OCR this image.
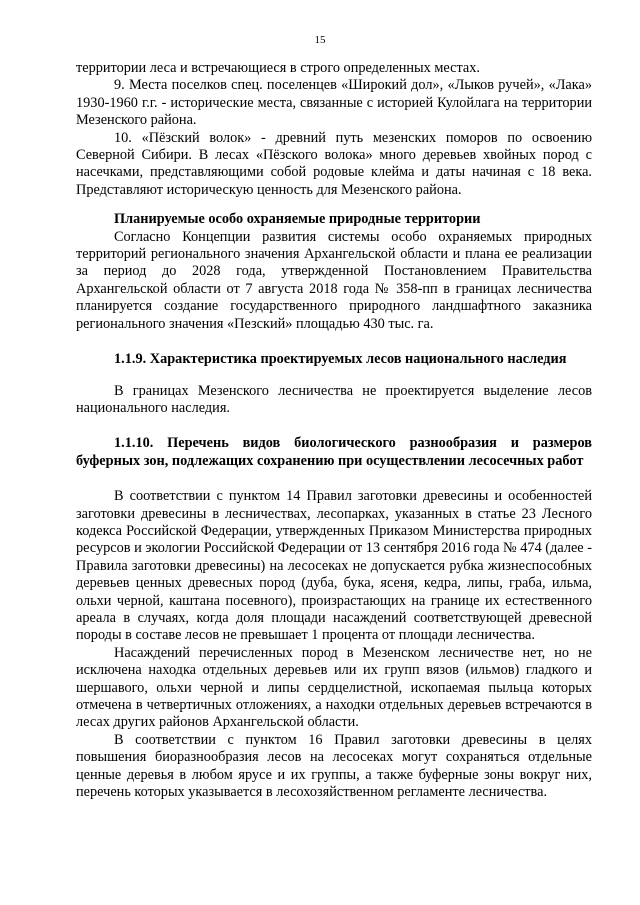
15

территории леса и встречающиеся в строго определенных местах.

9. Места поселков спец. поселенцев «Широкий дол», «Лыков ручей», «Лака» 1930-1960 г.г. - исторические места, связанные с историей Кулойлага на территории Мезенского района.

10. «Пёзский волок» - древний путь мезенских поморов по освоению Северной Сибири. В лесах «Пёзского волока» много деревьев хвойных пород с насечками, представляющими собой родовые клейма и даты начиная с 18 века. Представляют историческую ценность для Мезенского района.

Планируемые особо охраняемые природные территории

Согласно Концепции развития системы особо охраняемых природных территорий регионального значения Архангельской области и плана ее реализации за период до 2028 года, утвержденной Постановлением Правительства Архангельской области от 7 августа 2018 года № 358-пп в границах лесничества планируется создание государственного природного ландшафтного заказника регионального значения «Пезский» площадью 430 тыс. га.

1.1.9. Характеристика проектируемых лесов национального наследия

В границах Мезенского лесничества не проектируется выделение лесов национального наследия.

1.1.10. Перечень видов биологического разнообразия и размеров буферных зон, подлежащих сохранению при осуществлении лесосечных работ

В соответствии с пунктом 14 Правил заготовки древесины и особенностей заготовки древесины в лесничествах, лесопарках, указанных в статье 23 Лесного кодекса Российской Федерации, утвержденных Приказом Министерства природных ресурсов и экологии Российской Федерации от 13 сентября 2016 года № 474 (далее - Правила заготовки древесины) на лесосеках не допускается рубка жизнеспособных деревьев ценных древесных пород (дуба, бука, ясеня, кедра, липы, граба, ильма, ольхи черной, каштана посевного), произрастающих на границе их естественного ареала в случаях, когда доля площади насаждений соответствующей древесной породы в составе лесов не превышает 1 процента от площади лесничества.

Насаждений перечисленных пород в Мезенском лесничестве нет, но не исключена находка отдельных деревьев или их групп вязов (ильмов) гладкого и шершавого, ольхи черной и липы сердцелистной, ископаемая пыльца которых отмечена в четвертичных отложениях, а находки отдельных деревьев встречаются в лесах других районов Архангельской области.

В соответствии с пунктом 16 Правил заготовки древесины в целях повышения биоразнообразия лесов на лесосеках могут сохраняться отдельные ценные деревья в любом ярусе и их группы, а также буферные зоны вокруг них, перечень которых указывается в лесохозяйственном регламенте лесничества.
